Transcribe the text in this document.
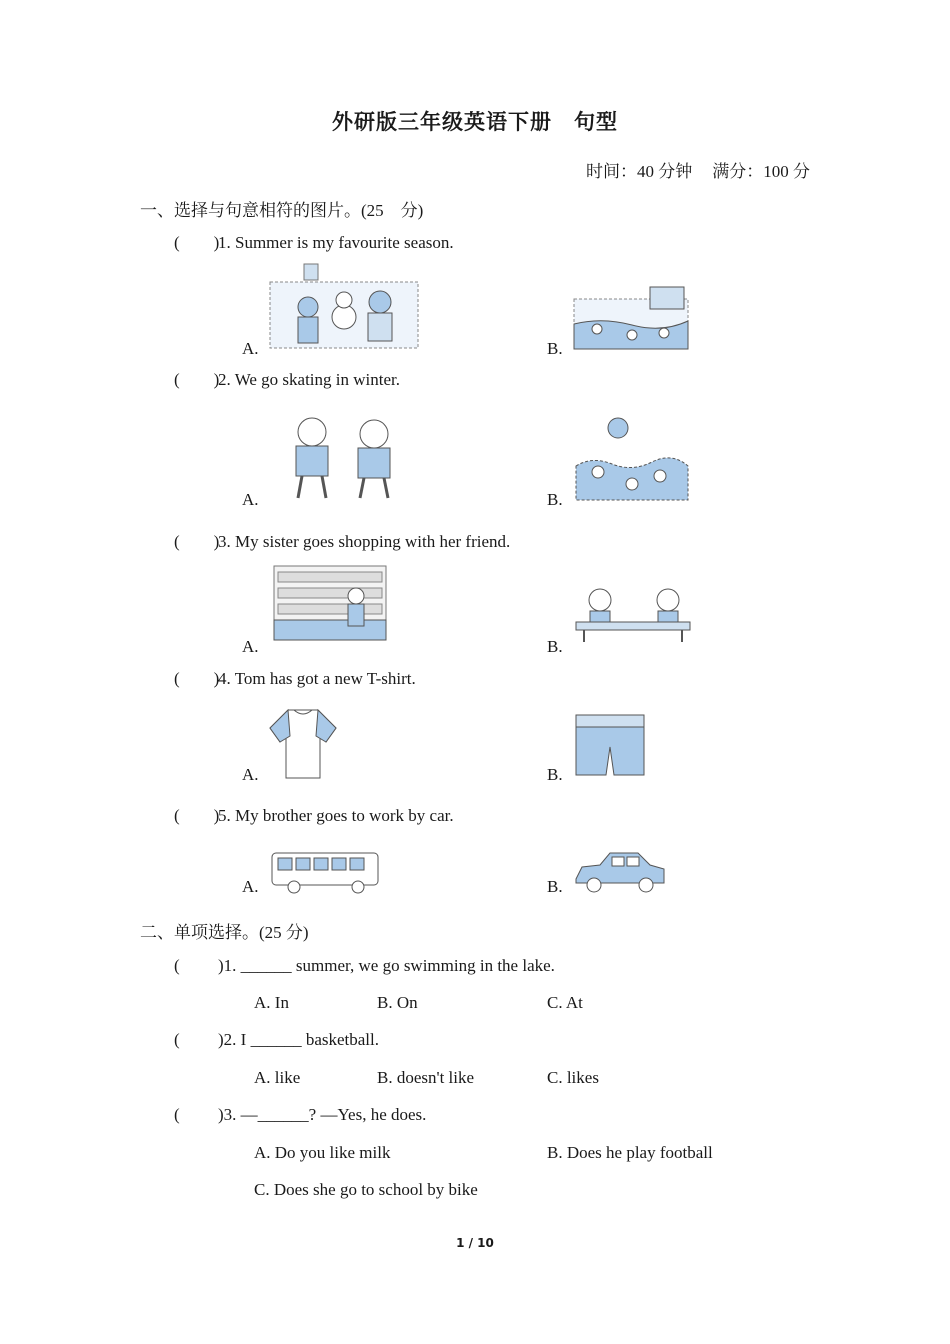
外研版三年级英语下册　句型
时间：40 分钟 满分：100 分
一、选择与句意相符的图片。(25　分)
( )1. Summer is my favourite season.
A.	B.
( )2. We go skating in winter.
A.	B.
( )3. My sister goes shopping with her friend.
A.	B.
( )4. Tom has got a new T-shirt.
A.	B.
( )5. My brother goes to work by car.
A.	B.
二、单项选择。(25 分)
( )1. ______ summer, we go swimming in the lake.
A. In	B. On	C. At
( )2. I ______ basketball.
A. like	B. doesn't like	C. likes
( )3. —______? —Yes, he does.
A. Do you like milk	B. Does he play football
C. Does she go to school by bike
1 / 10
